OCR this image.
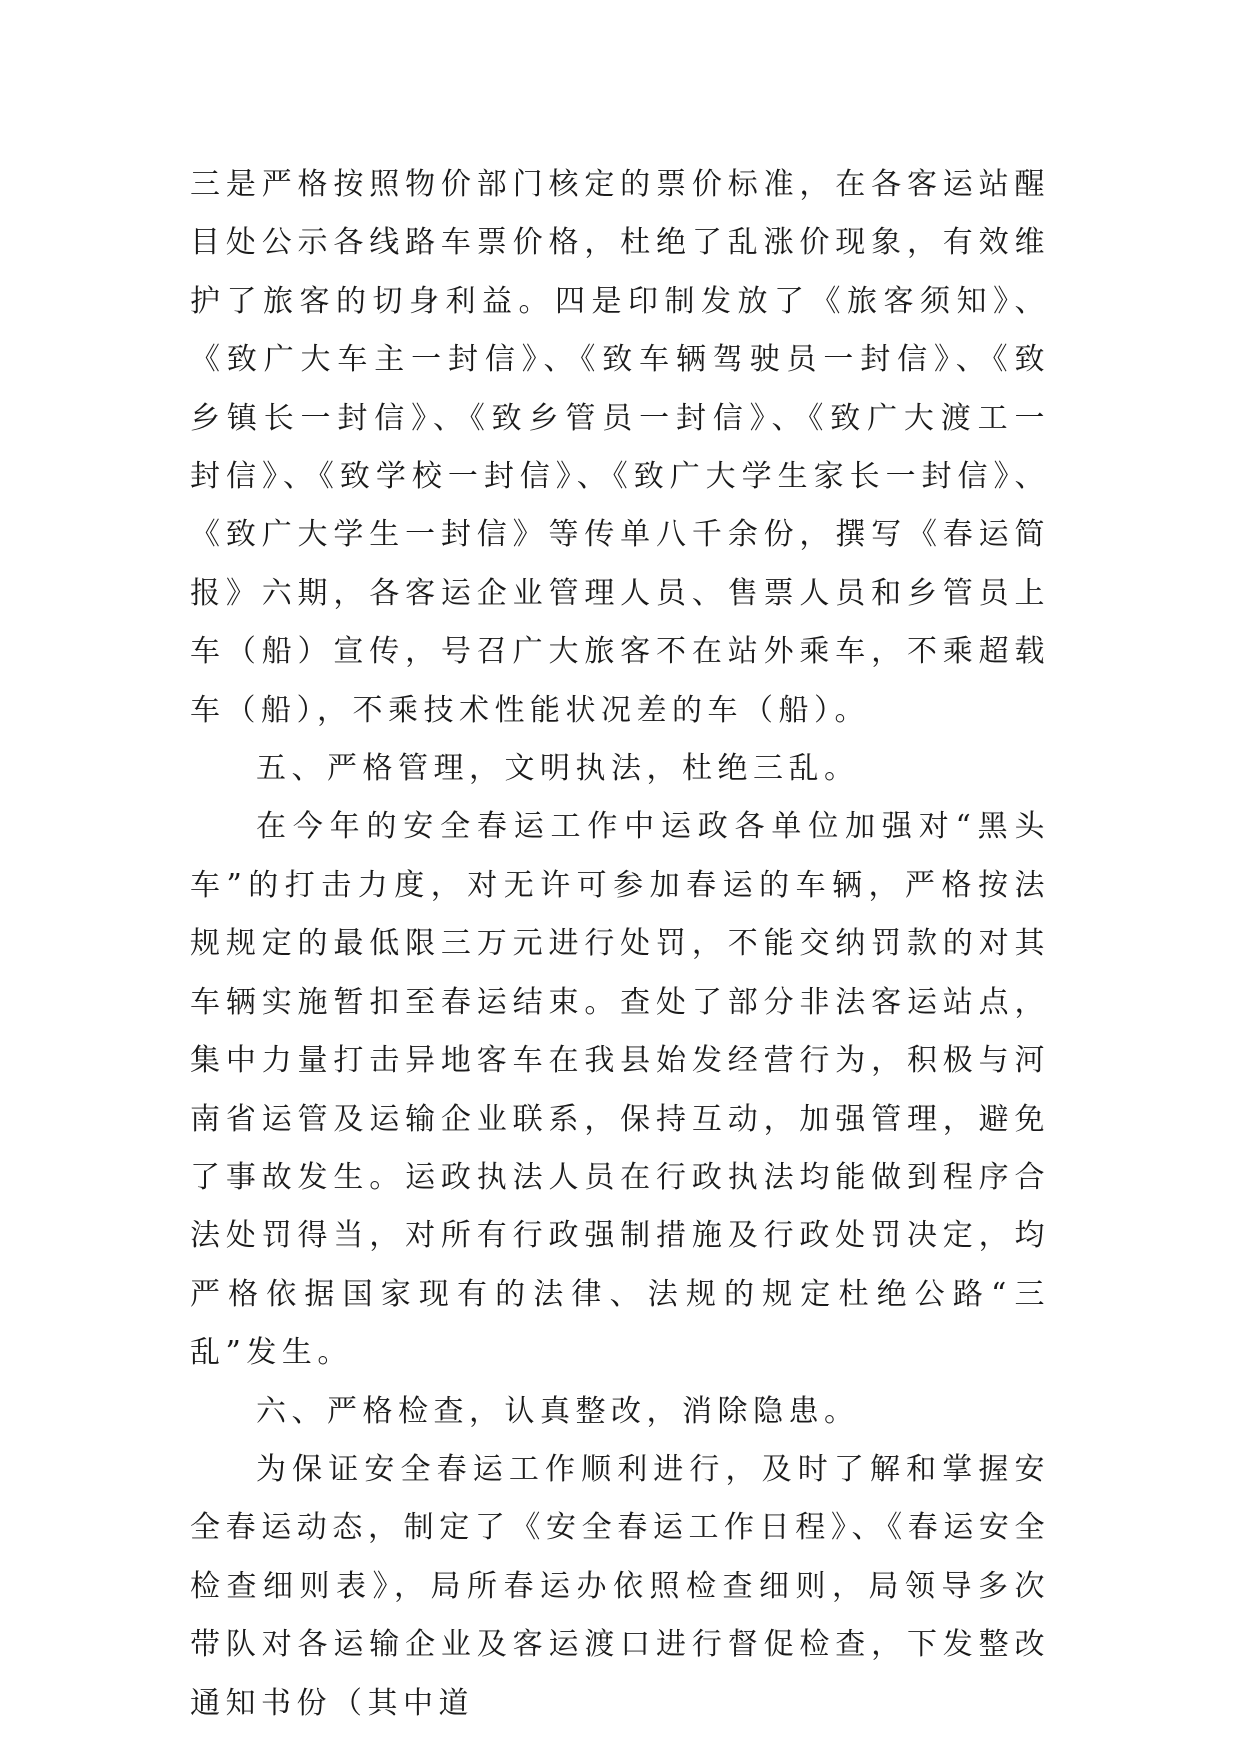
三是严格按照物价部门核定的票价标准，在各客运站醒目处公示各线路车票价格，杜绝了乱涨价现象，有效维护了旅客的切身利益。四是印制发放了《旅客须知》、《致广大车主一封信》、《致车辆驾驶员一封信》、《致乡镇长一封信》、《致乡管员一封信》、《致广大渡工一封信》、《致学校一封信》、《致广大学生家长一封信》、《致广大学生一封信》等传单八千余份，撰写《春运简报》六期，各客运企业管理人员、售票人员和乡管员上车（船）宣传，号召广大旅客不在站外乘车，不乘超载车（船），不乘技术性能状况差的车（船）。

五、严格管理，文明执法，杜绝三乱。

在今年的安全春运工作中运政各单位加强对“黑头车”的打击力度，对无许可参加春运的车辆，严格按法规规定的最低限三万元进行处罚，不能交纳罚款的对其车辆实施暂扣至春运结束。查处了部分非法客运站点，集中力量打击异地客车在我县始发经营行为，积极与河南省运管及运输企业联系，保持互动，加强管理，避免了事故发生。运政执法人员在行政执法均能做到程序合法处罚得当，对所有行政强制措施及行政处罚决定，均严格依据国家现有的法律、法规的规定杜绝公路“三乱”发生。

六、严格检查，认真整改，消除隐患。

为保证安全春运工作顺利进行，及时了解和掌握安全春运动态，制定了《安全春运工作日程》、《春运安全检查细则表》，局所春运办依照检查细则，局领导多次带队对各运输企业及客运渡口进行督促检查，下发整改通知书份（其中道
